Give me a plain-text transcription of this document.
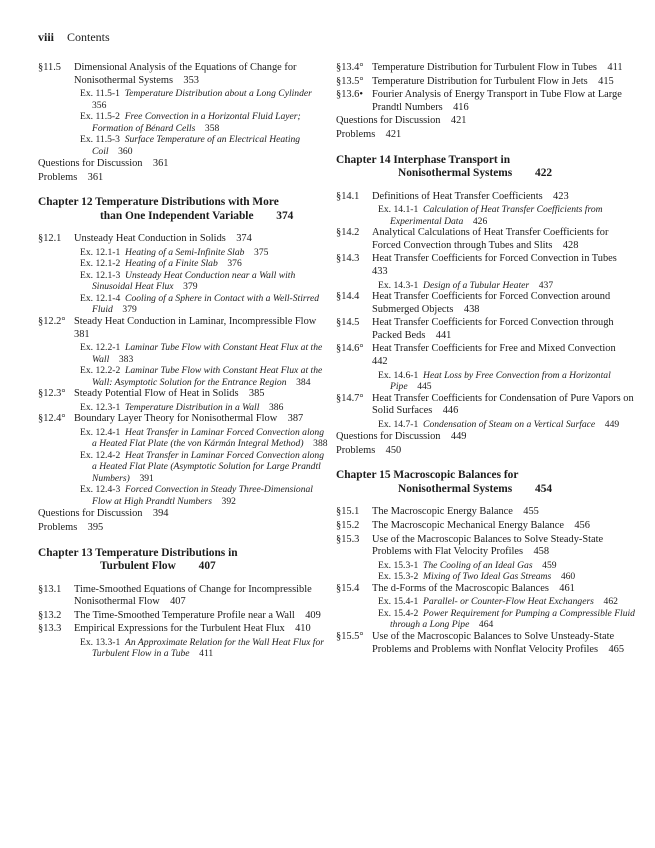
viii Contents
§11.5	Dimensional Analysis of the Equations of Change for Nonisothermal Systems 353
Ex. 11.5-1 Temperature Distribution about a Long Cylinder 356
Ex. 11.5-2 Free Convection in a Horizontal Fluid Layer; Formation of Bénard Cells 358
Ex. 11.5-3 Surface Temperature of an Electrical Heating Coil 360
Questions for Discussion 361
Problems 361
Chapter 12 Temperature Distributions with More
than One Independent Variable  374
§12.1	Unsteady Heat Conduction in Solids 374
Ex. 12.1-1 Heating of a Semi-Infinite Slab 375
Ex. 12.1-2 Heating of a Finite Slab 376
Ex. 12.1-3 Unsteady Heat Conduction near a Wall with Sinusoidal Heat Flux 379
Ex. 12.1-4 Cooling of a Sphere in Contact with a Well-Stirred Fluid 379
§12.2° Steady Heat Conduction in Laminar, Incompressible Flow 381
Ex. 12.2-1 Laminar Tube Flow with Constant Heat Flux at the Wall 383
Ex. 12.2-2 Laminar Tube Flow with Constant Heat Flux at the Wall: Asymptotic Solution for the Entrance Region 384
§12.3° Steady Potential Flow of Heat in Solids 385
Ex. 12.3-1 Temperature Distribution in a Wall 386
§12.4° Boundary Layer Theory for Nonisothermal Flow 387
Ex. 12.4-1 Heat Transfer in Laminar Forced Convection along a Heated Flat Plate (the von Kármán Integral Method) 388
Ex. 12.4-2 Heat Transfer in Laminar Forced Convection along a Heated Flat Plate (Asymptotic Solution for Large Prandtl Numbers) 391
Ex. 12.4-3 Forced Convection in Steady Three-Dimensional Flow at High Prandtl Numbers 392
Questions for Discussion 394
Problems 395
Chapter 13 Temperature Distributions in
Turbulent Flow  407
§13.1	Time-Smoothed Equations of Change for Incompressible Nonisothermal Flow 407
§13.2	The Time-Smoothed Temperature Profile near a Wall 409
§13.3	Empirical Expressions for the Turbulent Heat Flux 410
Ex. 13.3-1 An Approximate Relation for the Wall Heat Flux for Turbulent Flow in a Tube 411
§13.4° Temperature Distribution for Turbulent Flow in Tubes 411
§13.5° Temperature Distribution for Turbulent Flow in Jets 415
§13.6• Fourier Analysis of Energy Transport in Tube Flow at Large Prandtl Numbers 416
Questions for Discussion 421
Problems 421
Chapter 14 Interphase Transport in
Nonisothermal Systems  422
§14.1	Definitions of Heat Transfer Coefficients 423
Ex. 14.1-1 Calculation of Heat Transfer Coefficients from Experimental Data 426
§14.2	Analytical Calculations of Heat Transfer Coefficients for Forced Convection through Tubes and Slits 428
§14.3	Heat Transfer Coefficients for Forced Convection in Tubes 433
Ex. 14.3-1 Design of a Tubular Heater 437
§14.4	Heat Transfer Coefficients for Forced Convection around Submerged Objects 438
§14.5	Heat Transfer Coefficients for Forced Convection through Packed Beds 441
§14.6° Heat Transfer Coefficients for Free and Mixed Convection 442
Ex. 14.6-1 Heat Loss by Free Convection from a Horizontal Pipe 445
§14.7° Heat Transfer Coefficients for Condensation of Pure Vapors on Solid Surfaces 446
Ex. 14.7-1 Condensation of Steam on a Vertical Surface 449
Questions for Discussion 449
Problems 450
Chapter 15 Macroscopic Balances for
Nonisothermal Systems  454
§15.1	The Macroscopic Energy Balance 455
§15.2	The Macroscopic Mechanical Energy Balance 456
§15.3	Use of the Macroscopic Balances to Solve Steady-State Problems with Flat Velocity Profiles 458
Ex. 15.3-1 The Cooling of an Ideal Gas 459
Ex. 15.3-2 Mixing of Two Ideal Gas Streams 460
§15.4	The d-Forms of the Macroscopic Balances 461
Ex. 15.4-1 Parallel- or Counter-Flow Heat Exchangers 462
Ex. 15.4-2 Power Requirement for Pumping a Compressible Fluid through a Long Pipe 464
§15.5° Use of the Macroscopic Balances to Solve Unsteady-State Problems and Problems with Nonflat Velocity Profiles 465
